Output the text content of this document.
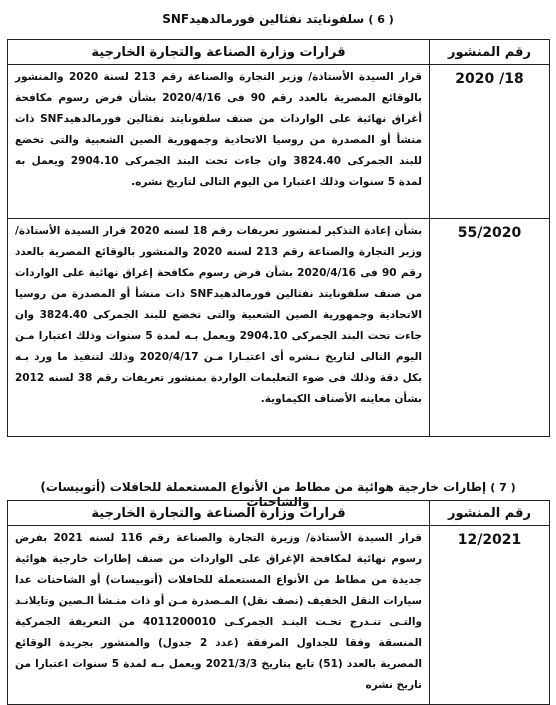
( 6 ) سلفونايتد نفثالين فورمالدهيدSNF
رقم المنشور	قرارات وزارة الصناعة والتجارة الخارجية
18/ 2020	قرار السيدة الأستاذة/ وزير التجارة والصناعة رقم 213 لسنة 2020 والمنشور بالوقائع المصرية بالعدد رقم 90 فى 2020/4/16 بشأن فرض رسوم مكافحة أغراق نهائية على الواردات من صنف سلفونايتد نفثالين فورمالدهيدSNF ذات منشأ أو المصدرة من روسيا الاتحادية وجمهورية الصين الشعبية والتى تخضع للبند الجمركى 3824.40 وان جاءت تحت البند الجمركى 2904.10 ويعمل به لمدة 5 سنوات وذلك اعتبارا من اليوم التالى لتاريخ نشره.
55/2020	بشأن إعادة التذكير لمنشور تعريفات رقم 18 لسنه 2020 قرار السيدة الأستاذة/ وزير التجارة والصناعة رقم 213 لسنه 2020 والمنشور بالوقائع المصرية بالعدد رقم 90 فى 2020/4/16 بشأن فرض رسوم مكافحة إغراق نهائية على الواردات من صنف سلفونايتد نفثالين فورمالدهيدSNF ذات منشأ أو المصدرة من روسيا الاتحادية وجمهورية الصين الشعبية والتى تخضع للبند الجمركى 3824.40 وان جاءت تحت البند الجمركى 2904.10 ويعمل بـه لمدة 5 سنوات وذلك اعتبارا مـن اليوم التالى لتاريخ نـشره أى اعتبـارا مـن 2020/4/17 وذلك لتنفيذ ما ورد بـه بكل دقة وذلك فى ضوء التعليمات الواردة بمنشور تعريفات رقم 38 لسنه 2012 بشأن معاينه الأصناف الكيماوية.
( 7 ) إطارات خارجية هوائية من مطاط من الأنواع المستعملة للحافلات (أتوبيسات) والشاحنات
رقم المنشور	قرارات وزارة الصناعة والتجارة الخارجية
12/2021	قرار السيدة الأستاذة/ وزيرة التجارة والصناعة رقم 116 لسنه 2021 بفرض رسوم نهائية لمكافحة الإغراق على الواردات من صنف إطارات خارجية هوائية جديدة من مطاط من الأنواع المستعملة للحافلات (أتوبيسات) أو الشاحنات عدا سيارات النقل الخفيف (نصف نقل) المـصدرة مـن أو ذات منـشأ الـصين وتايلانـد والتـى تنـدرج تحـت البنـد الجمركـى 4011200010 من التعريفة الجمركية المنسقة وفقا للجداول المرفقة (عدد 2 جدول) والمنشور بجريدة الوقائع المصرية بالعدد (51) تابع بتاريخ 2021/3/3 ويعمل بـه لمدة 5 سنوات اعتبارا من تاريخ نشره
